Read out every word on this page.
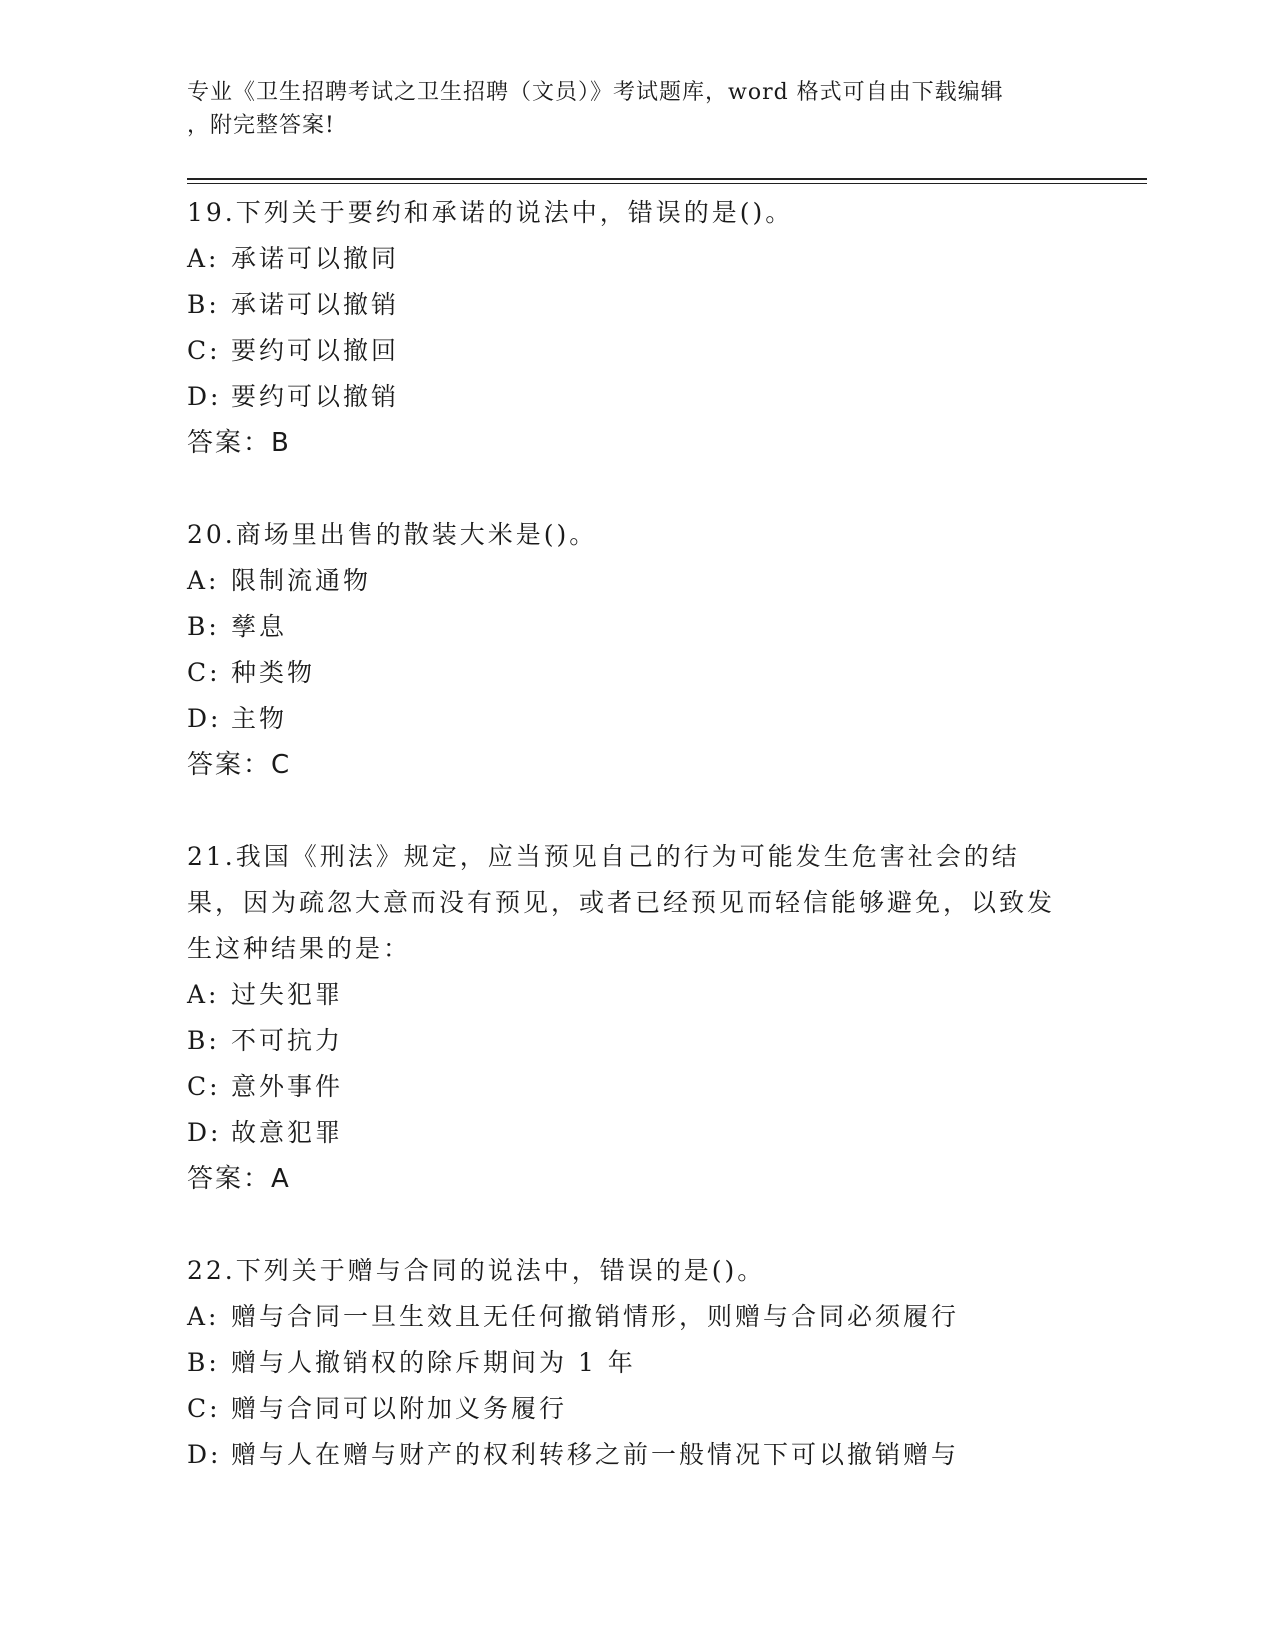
专业《卫生招聘考试之卫生招聘（文员）》考试题库，word 格式可自由下载编辑
，附完整答案!
19.下列关于要约和承诺的说法中，错误的是()。
A: 承诺可以撤同
B: 承诺可以撤销
C: 要约可以撤回
D: 要约可以撤销
答案：B
20.商场里出售的散装大米是()。
A: 限制流通物
B: 孳息
C: 种类物
D: 主物
答案：C
21.我国《刑法》规定，应当预见自己的行为可能发生危害社会的结果，因为疏忽大意而没有预见，或者已经预见而轻信能够避免，以致发生这种结果的是：
A: 过失犯罪
B: 不可抗力
C: 意外事件
D: 故意犯罪
答案：A
22.下列关于赠与合同的说法中，错误的是()。
A: 赠与合同一旦生效且无任何撤销情形，则赠与合同必须履行
B: 赠与人撤销权的除斥期间为 1 年
C: 赠与合同可以附加义务履行
D: 赠与人在赠与财产的权利转移之前一般情况下可以撤销赠与
